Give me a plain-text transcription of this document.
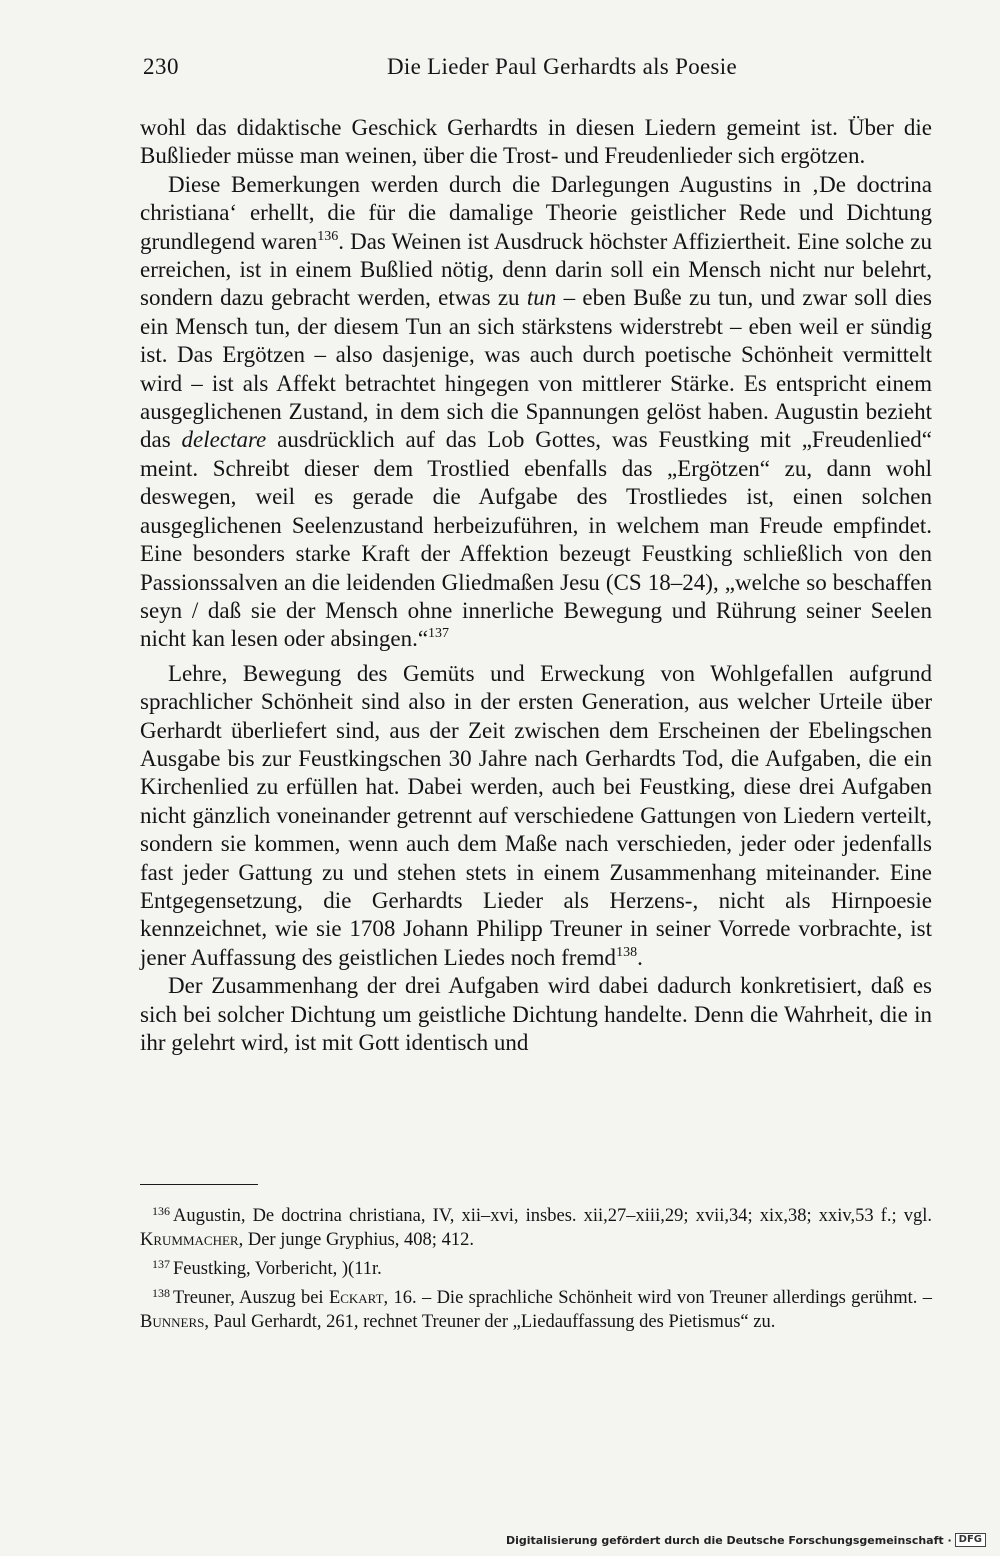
230	Die Lieder Paul Gerhardts als Poesie

wohl das didaktische Geschick Gerhardts in diesen Liedern gemeint ist. Über die Bußlieder müsse man weinen, über die Trost- und Freudenlieder sich ergötzen.

Diese Bemerkungen werden durch die Darlegungen Augustins in ‚De doctrina christiana‘ erhellt, die für die damalige Theorie geistlicher Rede und Dichtung grundlegend waren$^{136}$. Das Weinen ist Ausdruck höchster Affiziertheit. Eine solche zu erreichen, ist in einem Bußlied nötig, denn darin soll ein Mensch nicht nur belehrt, sondern dazu gebracht werden, etwas zu tun – eben Buße zu tun, und zwar soll dies ein Mensch tun, der diesem Tun an sich stärkstens widerstrebt – eben weil er sündig ist. Das Ergötzen – also dasjenige, was auch durch poetische Schönheit vermittelt wird – ist als Affekt betrachtet hingegen von mittlerer Stärke. Es entspricht einem ausgeglichenen Zustand, in dem sich die Spannungen gelöst haben. Augustin bezieht das delectare ausdrücklich auf das Lob Gottes, was Feustking mit „Freudenlied“ meint. Schreibt dieser dem Trostlied ebenfalls das „Ergötzen“ zu, dann wohl deswegen, weil es gerade die Aufgabe des Trostliedes ist, einen solchen ausgeglichenen Seelenzustand herbeizuführen, in welchem man Freude empfindet. Eine besonders starke Kraft der Affektion bezeugt Feustking schließlich von den Passionssalven an die leidenden Gliedmaßen Jesu (CS 18–24), „welche so beschaffen seyn / daß sie der Mensch ohne innerliche Bewegung und Rührung seiner Seelen nicht kan lesen oder absingen.“$^{137}$

Lehre, Bewegung des Gemüts und Erweckung von Wohlgefallen aufgrund sprachlicher Schönheit sind also in der ersten Generation, aus welcher Urteile über Gerhardt überliefert sind, aus der Zeit zwischen dem Erscheinen der Ebelingschen Ausgabe bis zur Feustkingschen 30 Jahre nach Gerhardts Tod, die Aufgaben, die ein Kirchenlied zu erfüllen hat. Dabei werden, auch bei Feustking, diese drei Aufgaben nicht gänzlich voneinander getrennt auf verschiedene Gattungen von Liedern verteilt, sondern sie kommen, wenn auch dem Maße nach verschieden, jeder oder jedenfalls fast jeder Gattung zu und stehen stets in einem Zusammenhang miteinander. Eine Entgegensetzung, die Gerhardts Lieder als Herzens-, nicht als Hirnpoesie kennzeichnet, wie sie 1708 Johann Philipp Treuner in seiner Vorrede vorbrachte, ist jener Auffassung des geistlichen Liedes noch fremd$^{138}$.

Der Zusammenhang der drei Aufgaben wird dabei dadurch konkretisiert, daß es sich bei solcher Dichtung um geistliche Dichtung handelte. Denn die Wahrheit, die in ihr gelehrt wird, ist mit Gott identisch und

$^{136}$ Augustin, De doctrina christiana, IV, xii–xvi, insbes. xii,27–xiii,29; xvii,34; xix,38; xxiv,53 f.; vgl. Krummacher, Der junge Gryphius, 408; 412.

$^{137}$ Feustking, Vorbericht, )(11r.

$^{138}$ Treuner, Auszug bei Eckart, 16. – Die sprachliche Schönheit wird von Treuner allerdings gerühmt. – Bunners, Paul Gerhardt, 261, rechnet Treuner der „Liedauffassung des Pietismus“ zu.

Digitalisierung gefördert durch die Deutsche Forschungsgemeinschaft · DFG
